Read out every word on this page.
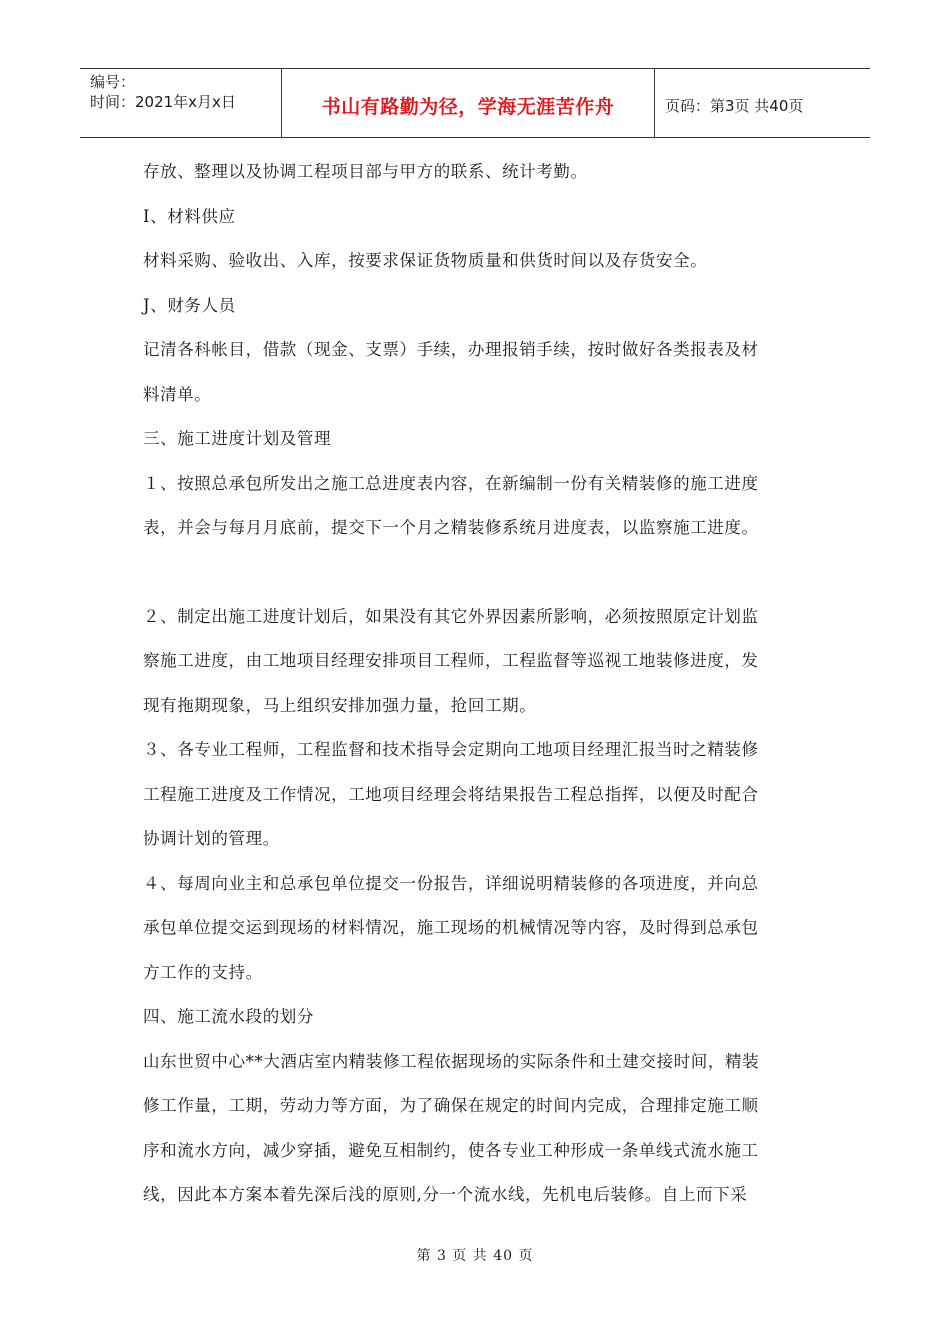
编号：
时间：2021年x月x日	书山有路勤为径，学海无涯苦作舟	页码：第3页 共40页
存放、整理以及协调工程项目部与甲方的联系、统计考勤。
I、材料供应
材料采购、验收出、入库，按要求保证货物质量和供货时间以及存货安全。
J、财务人员
记清各科帐目，借款（现金、支票）手续，办理报销手续，按时做好各类报表及材
料清单。
三、施工进度计划及管理
１、按照总承包所发出之施工总进度表内容，在新编制一份有关精装修的施工进度
表，并会与每月月底前，提交下一个月之精装修系统月进度表，以监察施工进度。
２、制定出施工进度计划后，如果没有其它外界因素所影响，必须按照原定计划监
察施工进度，由工地项目经理安排项目工程师，工程监督等巡视工地装修进度，发
现有拖期现象，马上组织安排加强力量，抢回工期。
３、各专业工程师，工程监督和技术指导会定期向工地项目经理汇报当时之精装修
工程施工进度及工作情况，工地项目经理会将结果报告工程总指挥，以便及时配合
协调计划的管理。
４、每周向业主和总承包单位提交一份报告，详细说明精装修的各项进度，并向总
承包单位提交运到现场的材料情况，施工现场的机械情况等内容，及时得到总承包
方工作的支持。
四、施工流水段的划分
山东世贸中心**大酒店室内精装修工程依据现场的实际条件和土建交接时间，精装
修工作量，工期，劳动力等方面，为了确保在规定的时间内完成，合理排定施工顺
序和流水方向，减少穿插，避免互相制约，使各专业工种形成一条单线式流水施工
线，因此本方案本着先深后浅的原则,分一个流水线，先机电后装修。自上而下采
第 3 页 共 40 页
